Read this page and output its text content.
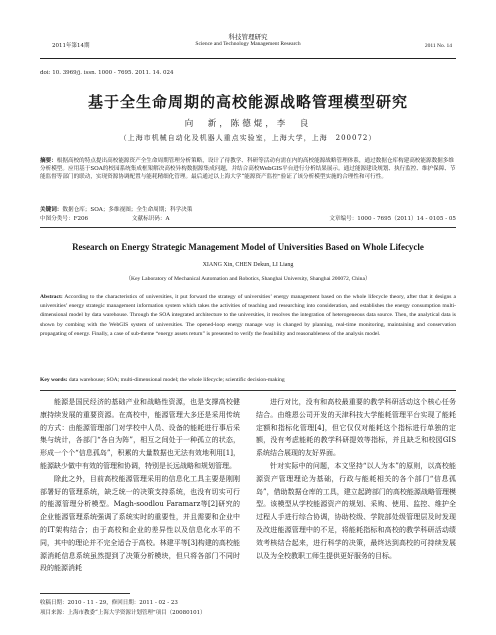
2011年第14期
科技管理研究
Science and Technology Management Research	2011 No. 14
doi: 10. 3969/j. issn. 1000 - 7695. 2011. 14. 024
基于全生命周期的高校能源战略管理模型研究
向　新，陈德焜，李　良
（上海市机械自动化及机器人重点实验室，上海大学，上海　200072）
摘要：根据高校的特点提出高校能源资产全生命周期管理分析策略，设计了待教学、科研等活动有需在内的高校能源战略管理体系，通过数据仓库构建高校能源数据多维分析模型。应用基于SOA的校园系统集成框架解决高校异构数据源集成问题，并结合高校WebGIS平台进行分析结果展示。通过能源建设规划、执行监控、维护保障、节能监督等部门的联动，实现资源协调配置与能耗精细化管理。最后通过以上海大学“能源资产监控”验证了该分析模型实施的合理性和可行性。
关键词：数据仓库；SOA；多维视图；全生命周期；科学决策
中图分类号：F206	文献标识码：A	文章编号：1000 - 7695（2011）14 - 0105 - 05
Research on Energy Strategic Management Model of Universities Based on Whole Lifecycle
XIANG Xin, CHEN Dekun, LI Liang
（Key Laboratory of Mechanical Automation and Robotics, Shanghai University, Shanghai 200072, China）
Abstract: According to the characteristics of universities, it put forward the strategy of universities’ energy management based on the whole lifecycle theory, after that it designs a universities’ energy strategic management information system which takes the activities of teaching and researching into consideration, and establishes the energy consumption multi-dimensional model by data warehouse. Through the SOA integrated architecture to the universities, it resolves the integration of heterogeneous data source. Then, the analytical data is shown by combing with the WebGIS system of universities. The opened-loop energy manage way is changed by planning, real-time monitoring, maintaining and conservation propagating of energy. Finally, a case of sub-theme “energy assets return” is presented to verify the feasibility and reasonableness of the analysis model.
Key words: data warehouse; SOA; multi-dimensional model; the whole lifecycle; scientific decision-making

能源是国民经济的基础产业和战略性资源，也是支撑高校健康持续发展的重要资源。在高校中，能源管理大多还是采用传统的方式：由能源管理部门对学校中人员、设备的能耗进行事后采集与统计，各部门“各自为阵”，相互之间处于一种孤立的状态，形成一个个“信息孤岛”，积累的大量数据也无法有效地利用[1]，能源缺少做中有效的管理和协调，特别是长远战略和规划管理。

除此之外，目前高校能源管理采用的信息化工具主要是刚刚部署好的管理系统，缺乏统一的决策支持系统，也没有切实可行的能源管理分析模型。Magh-soodlou Faramarz等[2]研究的企业能源管理系统强调了系统实时的重要性，并且需要和企业中的IT架构结合；由于高校和企业的差异性以及信息化水平的不同，其中的理论并不完全适合于高校。林建平等[3]构建的高校能源消耗信息系统虽然提到了决策分析模块，但只将各部门不同时段的能源消耗

进行对比，没有和高校最重要的教学科研活动这个核心任务结合。由维恩公司开发的天津科技大学能耗管理平台实现了能耗定额和指标化管理[4]，但它仅仅对能耗这个指标进行单独的定额，没有考虑能耗的教学科研提效等指标，并且缺乏和校园GIS系统结合展现的友好界面。

针对实际中的问题，本文坚持“以人为本”的原则，以高校能源资产管理理论为基础，行政与能耗相关的各个部门“信息孤岛”，借助数据仓库的工具，建立起跨部门的高校能源战略管理模型。该模型从学校能源资产的规划、采购、使用、监控、维护全过程人手进行综合协调，协助校级、学院部处级管理层及时发现及改进能源管理中的不足，将能耗指标和高校的教学科研活动绩效考核结合起来，进行科学的决策，最终达到高校的可持续发展以及为全校教职工师生提供更好服务的目标。

收稿日期：2010 - 11 - 29，修回日期：2011 - 02 - 23
项目来源：上海市教委“上海大学资源计划管理”项目（20080101）
